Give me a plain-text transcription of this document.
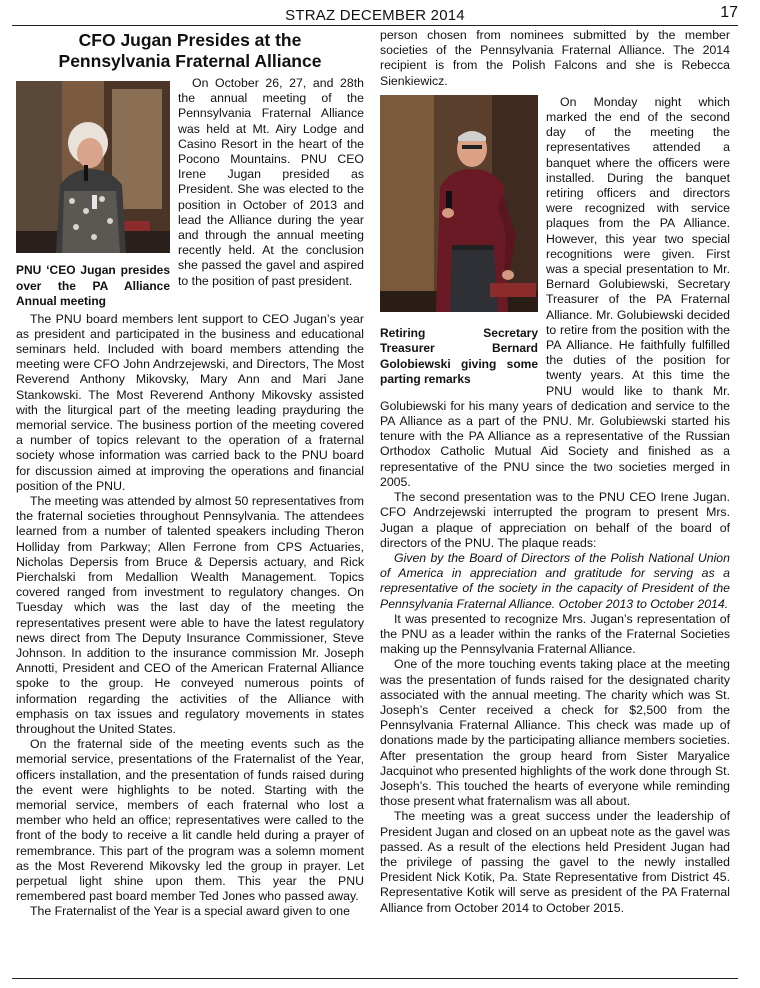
STRAZ DECEMBER 2014	17
CFO Jugan Presides at the
Pennsylvania Fraternal Alliance
PNU ‘CEO Jugan presides over the PA Alliance Annual meeting

On October 26, 27, and 28th the annual meeting of the Pennsylvania Fraternal Alliance was held at Mt. Airy Lodge and Casino Resort in the heart of the Pocono Mountains. PNU CEO Irene Jugan presided as President. She was elected to the position in October of 2013 and lead the Alliance during the year and through the annual meeting recently held. At the conclusion she passed the gavel and aspired to the position of past president.

The PNU board members lent support to CEO Jugan’s year as president and participated in the business and educational seminars held. Included with board members attending the meeting were CFO John Andrzejewski, and Directors, The Most Reverend Anthony Mikovsky, Mary Ann and Mari Jane Stankowski. The Most Reverend Anthony Mikovsky assisted with the liturgical part of the meeting leading prayduring the memorial service. The business portion of the meeting covered a number of topics relevant to the operation of a fraternal society whose information was carried back to the PNU board for discussion aimed at improving the operations and financial position of the PNU.

The meeting was attended by almost 50 representatives from the fraternal societies throughout Pennsylvania. The attendees learned from a number of talented speakers including Theron Holliday from Parkway; Allen Ferrone from CPS Actuaries, Nicholas Depersis from Bruce & Depersis actuary, and Rick Pierchalski from Medallion Wealth Management. Topics covered ranged from investment to regulatory changes. On Tuesday which was the last day of the meeting the representatives present were able to have the latest regulatory news direct from The Deputy Insurance Commissioner, Steve Johnson. In addition to the insurance commission Mr. Joseph Annotti, President and CEO of the American Fraternal Alliance spoke to the group. He conveyed numerous points of information regarding the activities of the Alliance with emphasis on tax issues and regulatory movements in states throughout the United States.

On the fraternal side of the meeting events such as the memorial service, presentations of the Fraternalist of the Year, officers installation, and the presentation of funds raised during the event were highlights to be noted. Starting with the memorial service, members of each fraternal who lost a member who held an office; representatives were called to the front of the body to receive a lit candle held during a prayer of remembrance. This part of the program was a solemn moment as the Most Reverend Mikovsky led the group in prayer. Let perpetual light shine upon them. This year the PNU remembered past board member Ted Jones who passed away.

The Fraternalist of the Year is a special award given to one

person chosen from nominees submitted by the member societies of the Pennsylvania Fraternal Alliance. The 2014 recipient is from the Polish Falcons and she is Rebecca Sienkiewicz.

Retiring Secretary Treasurer Bernard Golobiewski giving some parting remarks

On Monday night which marked the end of the second day of the meeting the representatives attended a banquet where the officers were installed. During the banquet retiring officers and directors were recognized with service plaques from the PA Alliance. However, this year two special recognitions were given. First was a special presentation to Mr. Bernard Golubiewski, Secretary Treasurer of the PA Fraternal Alliance. Mr. Golubiewski decided to retire from the position with the PA Alliance. He faithfully fulfilled the duties of the position for twenty years. At this time the PNU would like to thank Mr. Golubiewski for his many years of dedication and service to the PA Alliance as a part of the PNU. Mr. Golubiewski started his tenure with the PA Alliance as a representative of the Russian Orthodox Catholic Mutual Aid Society and finished as a representative of the PNU since the two societies merged in 2005.

The second presentation was to the PNU CEO Irene Jugan. CFO Andrzejewski interrupted the program to present Mrs. Jugan a plaque of appreciation on behalf of the board of directors of the PNU. The plaque reads:

Given by the Board of Directors of the Polish National Union of America in appreciation and gratitude for serving as a representative of the society in the capacity of President of the Pennsylvania Fraternal Alliance. October 2013 to October 2014.

It was presented to recognize Mrs. Jugan’s representation of the PNU as a leader within the ranks of the Fraternal Societies making up the Pennsylvania Fraternal Alliance.

One of the more touching events taking place at the meeting was the presentation of funds raised for the designated charity associated with the annual meeting. The charity which was St. Joseph’s Center received a check for $2,500 from the Pennsylvania Fraternal Alliance. This check was made up of donations made by the participating alliance members societies. After presentation the group heard from Sister Maryalice Jacquinot who presented highlights of the work done through St. Joseph’s. This touched the hearts of everyone while reminding those present what fraternalism was all about.

The meeting was a great success under the leadership of President Jugan and closed on an upbeat note as the gavel was passed. As a result of the elections held President Jugan had the privilege of passing the gavel to the newly installed President Nick Kotik, Pa. State Representative from District 45. Representative Kotik will serve as president of the PA Fraternal Alliance from October 2014 to October 2015.
